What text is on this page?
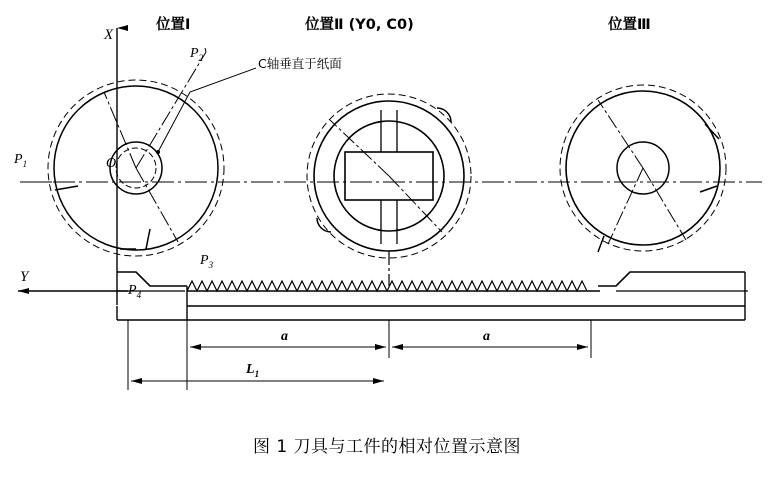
位置Ⅰ	位置Ⅱ (Y0, C0)	位置Ⅲ
X
Y
C轴垂直于纸面
O
$P_1$
$P_2$
$P_3$
$P_4$
a	a
$L_1$
图 1 刀具与工件的相对位置示意图
